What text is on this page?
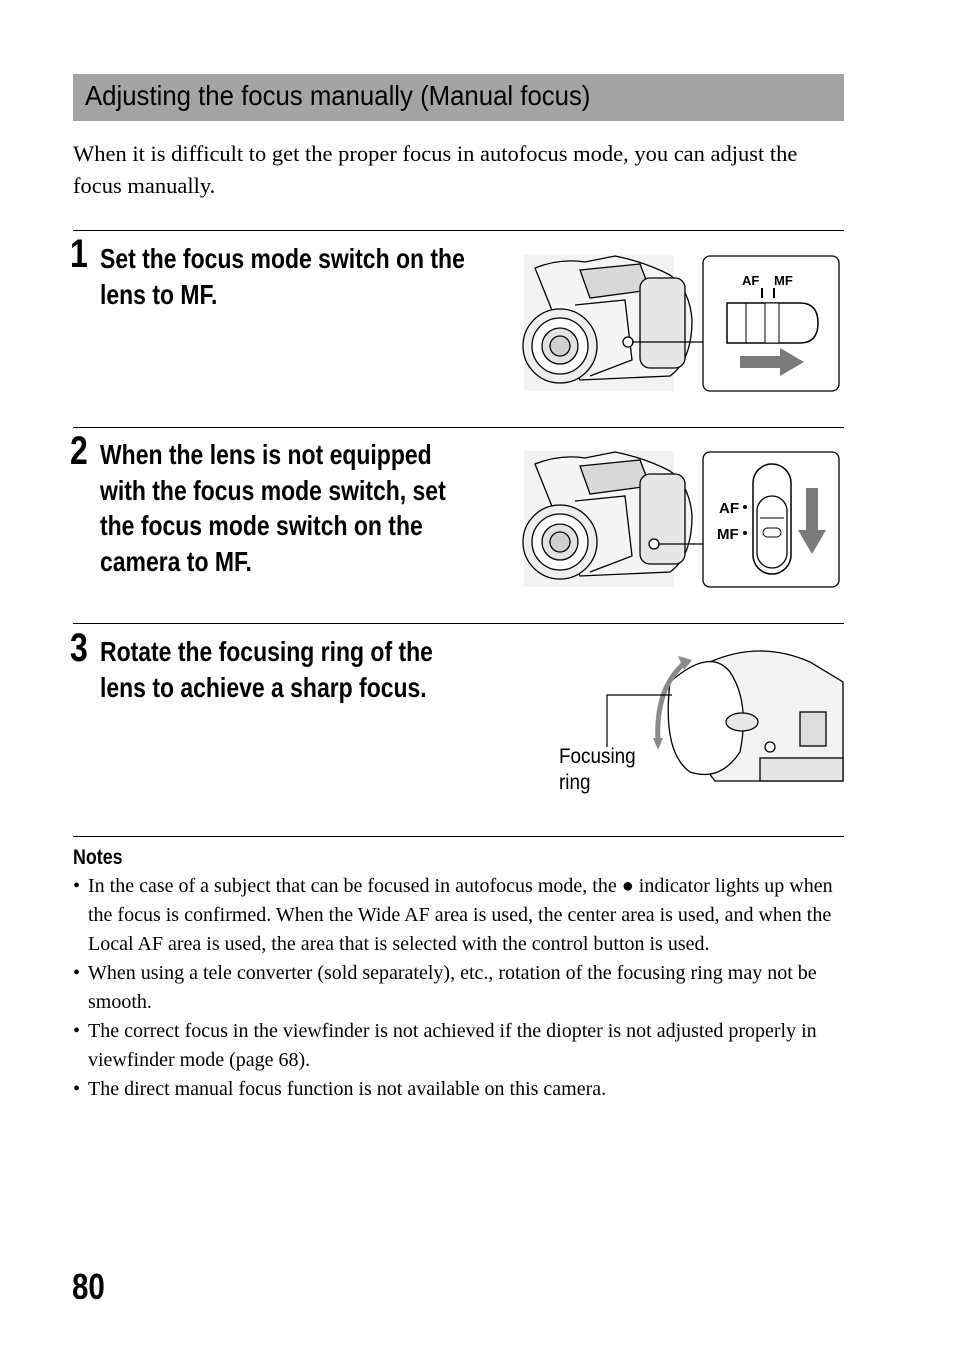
Adjusting the focus manually (Manual focus)
When it is difficult to get the proper focus in autofocus mode, you can adjust the focus manually.
1 Set the focus mode switch on the
lens to MF.	AF MF
2 When the lens is not equipped
with the focus mode switch, set
the focus mode switch on the
camera to MF.
AF
MF
3 Rotate the focusing ring of the
lens to achieve a sharp focus.
Focusing
ring
Notes
• In the case of a subject that can be focused in autofocus mode, the ● indicator lights up when the focus is confirmed. When the Wide AF area is used, the center area is used, and when the Local AF area is used, the area that is selected with the control button is used.
• When using a tele converter (sold separately), etc., rotation of the focusing ring may not be smooth.
• The correct focus in the viewfinder is not achieved if the diopter is not adjusted properly in viewfinder mode (page 68).
• The direct manual focus function is not available on this camera.
80
